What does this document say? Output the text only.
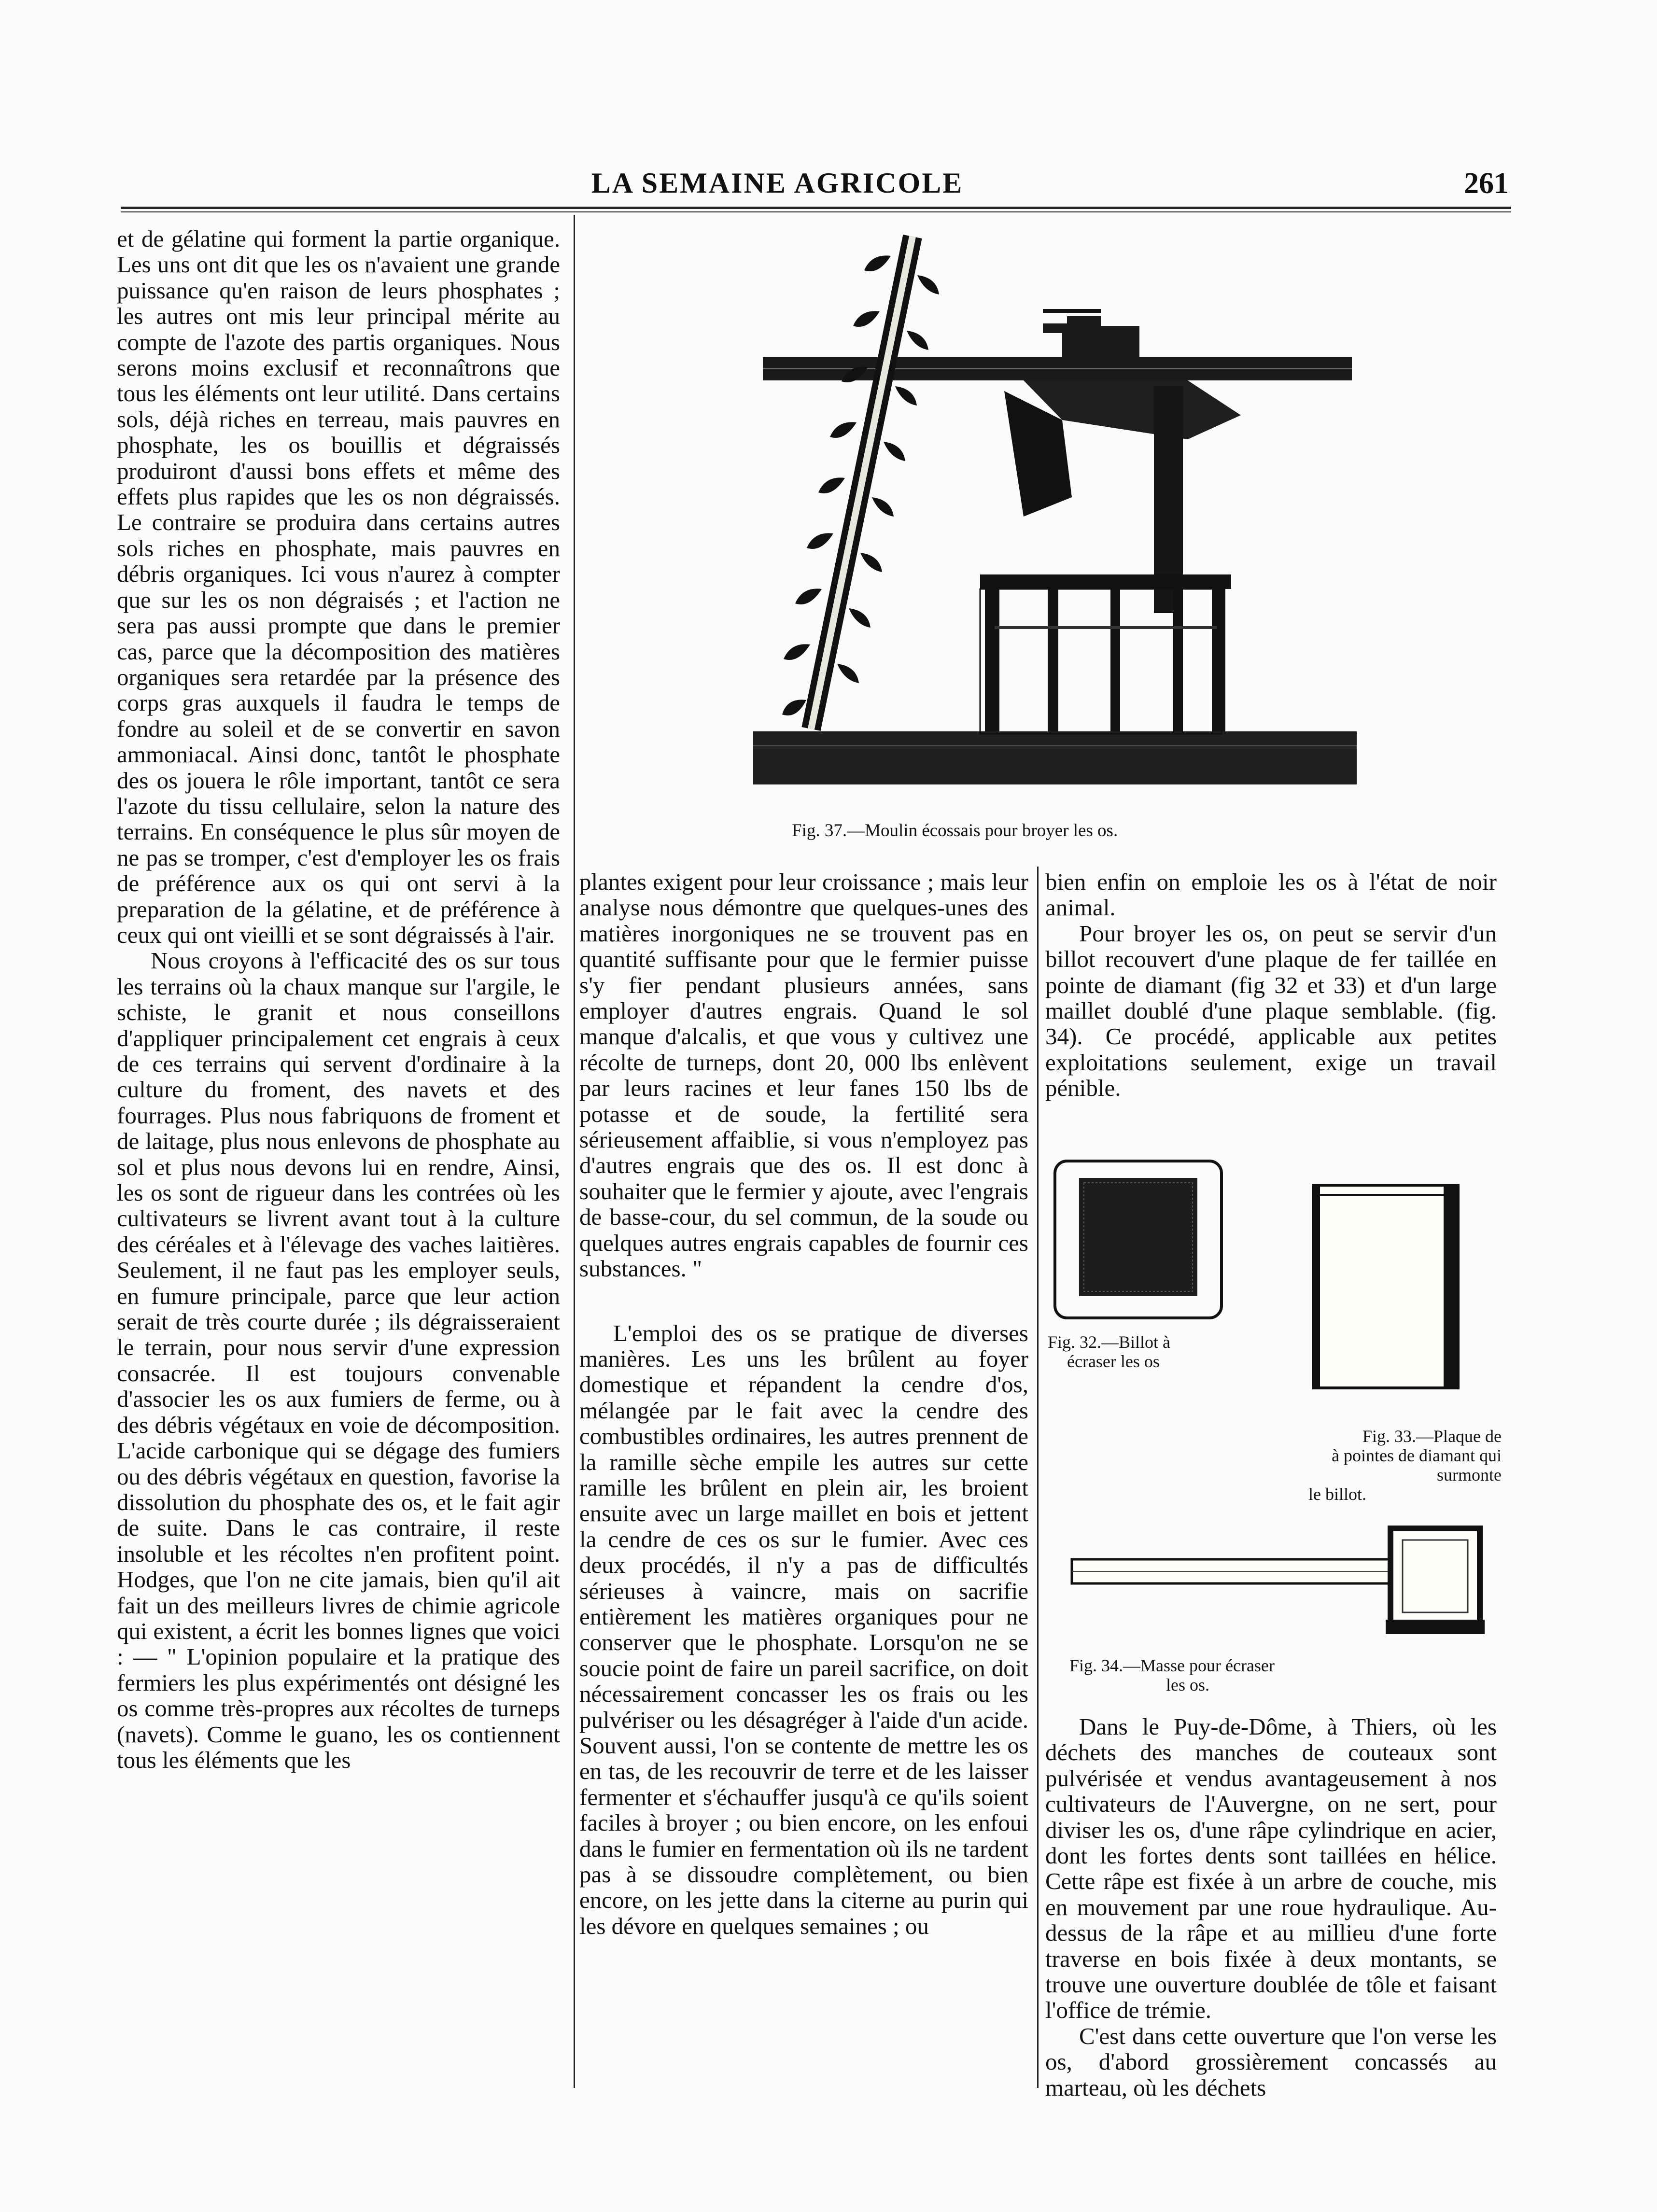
LA SEMAINE AGRICOLE	261

et de gélatine qui forment la partie organique. Les uns ont dit que les os n'avaient une grande puissance qu'en raison de leurs phosphates ; les autres ont mis leur principal mérite au compte de l'azote des partis organiques. Nous serons moins exclusif et reconnaîtrons que tous les éléments ont leur utilité. Dans certains sols, déjà riches en terreau, mais pauvres en phosphate, les os bouillis et dégraissés produiront d'aussi bons effets et même des effets plus rapides que les os non dégraissés. Le contraire se produira dans certains autres sols riches en phosphate, mais pauvres en débris organiques. Ici vous n'aurez à compter que sur les os non dégraisés ; et l'action ne sera pas aussi prompte que dans le premier cas, parce que la décomposition des matières organiques sera retardée par la présence des corps gras auxquels il faudra le temps de fondre au soleil et de se convertir en savon ammoniacal. Ainsi donc, tantôt le phosphate des os jouera le rôle important, tantôt ce sera l'azote du tissu cellulaire, selon la nature des terrains. En conséquence le plus sûr moyen de ne pas se tromper, c'est d'employer les os frais de préférence aux os qui ont servi à la preparation de la gélatine, et de préférence à ceux qui ont vieilli et se sont dégraissés à l'air.

Nous croyons à l'efficacité des os sur tous les terrains où la chaux manque sur l'argile, le schiste, le granit et nous conseillons d'appliquer principalement cet engrais à ceux de ces terrains qui servent d'ordinaire à la culture du froment, des navets et des fourrages. Plus nous fabriquons de froment et de laitage, plus nous enlevons de phosphate au sol et plus nous devons lui en rendre, Ainsi, les os sont de rigueur dans les contrées où les cultivateurs se livrent avant tout à la culture des céréales et à l'élevage des vaches laitières. Seulement, il ne faut pas les employer seuls, en fumure principale, parce que leur action serait de très courte durée ; ils dégraisseraient le terrain, pour nous servir d'une expression consacrée. Il est toujours convenable d'associer les os aux fumiers de ferme, ou à des débris végétaux en voie de décomposition. L'acide carbonique qui se dégage des fumiers ou des débris végétaux en question, favorise la dissolution du phosphate des os, et le fait agir de suite. Dans le cas contraire, il reste insoluble et les récoltes n'en profitent point. Hodges, que l'on ne cite jamais, bien qu'il ait fait un des meilleurs livres de chimie agricole qui existent, a écrit les bonnes lignes que voici : — " L'opinion populaire et la pratique des fermiers les plus expérimentés ont désigné les os comme très-propres aux récoltes de turneps (navets). Comme le guano, les os contiennent tous les éléments que les

Fig. 37.—Moulin écossais pour broyer les os.

plantes exigent pour leur croissance ; mais leur analyse nous démontre que quelques-unes des matières inorgoniques ne se trouvent pas en quantité suffisante pour que le fermier puisse s'y fier pendant plusieurs années, sans employer d'autres engrais. Quand le sol manque d'alcalis, et que vous y cultivez une récolte de turneps, dont 20, 000 lbs enlèvent par leurs racines et leur fanes 150 lbs de potasse et de soude, la fertilité sera sérieusement affaiblie, si vous n'employez pas d'autres engrais que des os. Il est donc à souhaiter que le fermier y ajoute, avec l'engrais de basse-cour, du sel commun, de la soude ou quelques autres engrais capables de fournir ces substances. "

L'emploi des os se pratique de diverses manières. Les uns les brûlent au foyer domestique et répandent la cendre d'os, mélangée par le fait avec la cendre des combustibles ordinaires, les autres prennent de la ramille sèche empile les autres sur cette ramille les brûlent en plein air, les broient ensuite avec un large maillet en bois et jettent la cendre de ces os sur le fumier. Avec ces deux procédés, il n'y a pas de difficultés sérieuses à vaincre, mais on sacrifie entièrement les matières organiques pour ne conserver que le phosphate. Lorsqu'on ne se soucie point de faire un pareil sacrifice, on doit nécessairement concasser les os frais ou les pulvériser ou les désagréger à l'aide d'un acide. Souvent aussi, l'on se contente de mettre les os en tas, de les recouvrir de terre et de les laisser fermenter et s'échauffer jusqu'à ce qu'ils soient faciles à broyer ; ou bien encore, on les enfoui dans le fumier en fermentation où ils ne tardent pas à se dissoudre complètement, ou bien encore, on les jette dans la citerne au purin qui les dévore en quelques semaines ; ou

bien enfin on emploie les os à l'état de noir animal.

Pour broyer les os, on peut se servir d'un billot recouvert d'une plaque de fer taillée en pointe de diamant (fig 32 et 33) et d'un large maillet doublé d'une plaque semblable. (fig. 34). Ce procédé, applicable aux petites exploitations seulement, exige un travail pénible.

Fig. 32.—Billot à
écraser les os
Fig. 33.—Plaque de
à pointes de diamant qui surmonte
le billot.
Fig. 34.—Masse pour écraser
les os.

Dans le Puy-de-Dôme, à Thiers, où les déchets des manches de couteaux sont pulvérisée et vendus avantageusement à nos cultivateurs de l'Auvergne, on ne sert, pour diviser les os, d'une râpe cylindrique en acier, dont les fortes dents sont taillées en hélice. Cette râpe est fixée à un arbre de couche, mis en mouvement par une roue hydraulique. Au-dessus de la râpe et au millieu d'une forte traverse en bois fixée à deux montants, se trouve une ouverture doublée de tôle et faisant l'office de trémie.

C'est dans cette ouverture que l'on verse les os, d'abord grossièrement concassés au marteau, où les déchets
